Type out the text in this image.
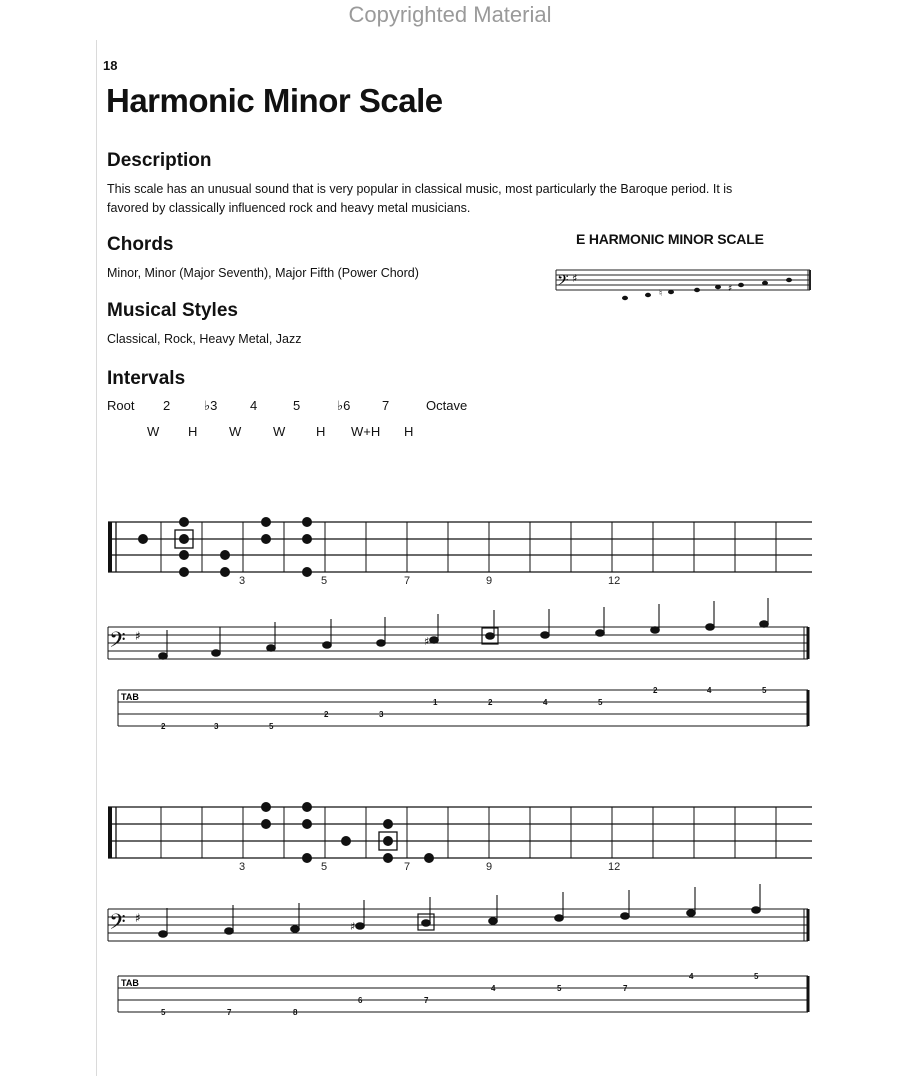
Copyrighted Material
18
Harmonic Minor Scale
Description
This scale has an unusual sound that is very popular in classical music, most particularly the Baroque period. It is favored by classically influenced rock and heavy metal musicians.
Chords
Minor, Minor (Major Seventh), Major Fifth (Power Chord)
Musical Styles
Classical, Rock, Heavy Metal, Jazz
Intervals
Root 2	♭3	4	5	♭6 7	Octave
W H W W H W+H H
E HARMONIC MINOR SCALE
𝄢 ♯
♮	♯
3	5	7	9	12
𝄢 ♯	♯
TAB
2	3	5
2	3
1	2	4	5
2	4	5
3	5	7	9	12
𝄢 ♯
♯
TAB
5	7	8
6	7
4	5	7
4	5
